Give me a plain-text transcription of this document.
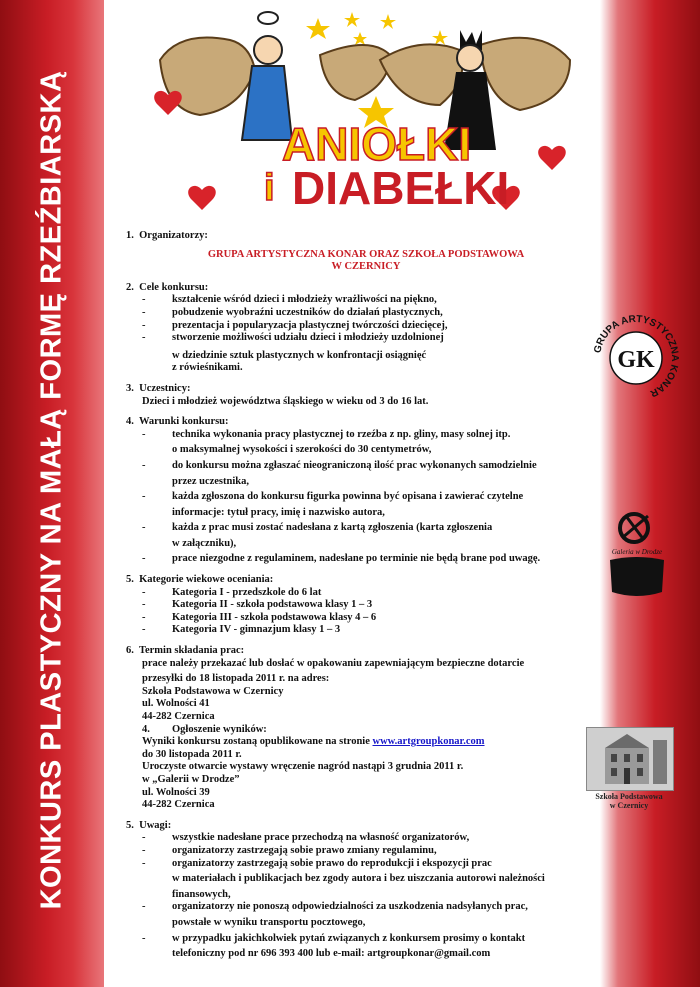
KONKURS PLASTYCZNY NA MAŁĄ FORMĘ RZEŹBIARSKĄ	ANIOŁKI
i DIABEŁKI
GRUPA ARTYSTYCZNA KONAR
GK
Galeria w Drodze
Szkoła Podstawowa
w Czernicy
1. Organizatorzy:
GRUPA ARTYSTYCZNA KONAR ORAZ SZKOŁA PODSTAWOWA
W CZERNICY
2. Cele konkursu:
-	kształcenie wśród dzieci i młodzieży wrażliwości na piękno,
-	pobudzenie wyobraźni uczestników do działań plastycznych,
-	prezentacja i popularyzacja plastycznej twórczości dziecięcej,
-	stworzenie możliwości udziału dzieci i młodzieży uzdolnionej
w dziedzinie sztuk plastycznych w konfrontacji osiągnięć
z rówieśnikami.
3. Uczestnicy:
Dzieci i młodzież województwa śląskiego w wieku od 3 do 16 lat.
4. Warunki konkursu:
-	technika wykonania pracy plastycznej to rzeźba z np. gliny, masy solnej itp.
o maksymalnej wysokości i szerokości do 30 centymetrów,
-	do konkursu można zgłaszać nieograniczoną ilość prac wykonanych samodzielnie
przez uczestnika,
-	każda zgłoszona do konkursu figurka powinna być opisana i zawierać czytelne
informacje: tytuł pracy, imię i nazwisko autora,
-	każda z prac musi zostać nadesłana z kartą zgłoszenia (karta zgłoszenia
w załączniku),
-	prace niezgodne z regulaminem, nadesłane po terminie nie będą brane pod uwagę.
5. Kategorie wiekowe oceniania:
-	Kategoria I - przedszkole do 6 lat
-	Kategoria II - szkoła podstawowa klasy 1 – 3
-	Kategoria III - szkoła podstawowa klasy 4 – 6
-	Kategoria IV - gimnazjum klasy 1 – 3
6. Termin składania prac:
prace należy przekazać lub dosłać w opakowaniu zapewniającym bezpieczne dotarcie
przesyłki do 18 listopada 2011 r. na adres:
Szkoła Podstawowa w Czernicy
ul. Wolności 41
44-282 Czernica
4.	Ogłoszenie wyników:
Wyniki konkursu zostaną opublikowane na stronie www.artgroupkonar.com
do 30 listopada 2011 r.
Uroczyste otwarcie wystawy wręczenie nagród nastąpi 3 grudnia 2011 r.
w „Galerii w Drodze”
ul. Wolności 39
44-282 Czernica
5. Uwagi:
-	wszystkie nadesłane prace przechodzą na własność organizatorów,
-	organizatorzy zastrzegają sobie prawo zmiany regulaminu,
-	organizatorzy zastrzegają sobie prawo do reprodukcji i ekspozycji prac
w materiałach i publikacjach bez zgody autora i bez uiszczania autorowi należności
finansowych,
-	organizatorzy nie ponoszą odpowiedzialności za uszkodzenia nadsyłanych prac,
powstałe w wyniku transportu pocztowego,
-	w przypadku jakichkolwiek pytań związanych z konkursem prosimy o kontakt
telefoniczny pod nr 696 393 400 lub e-mail: artgroupkonar@gmail.com
